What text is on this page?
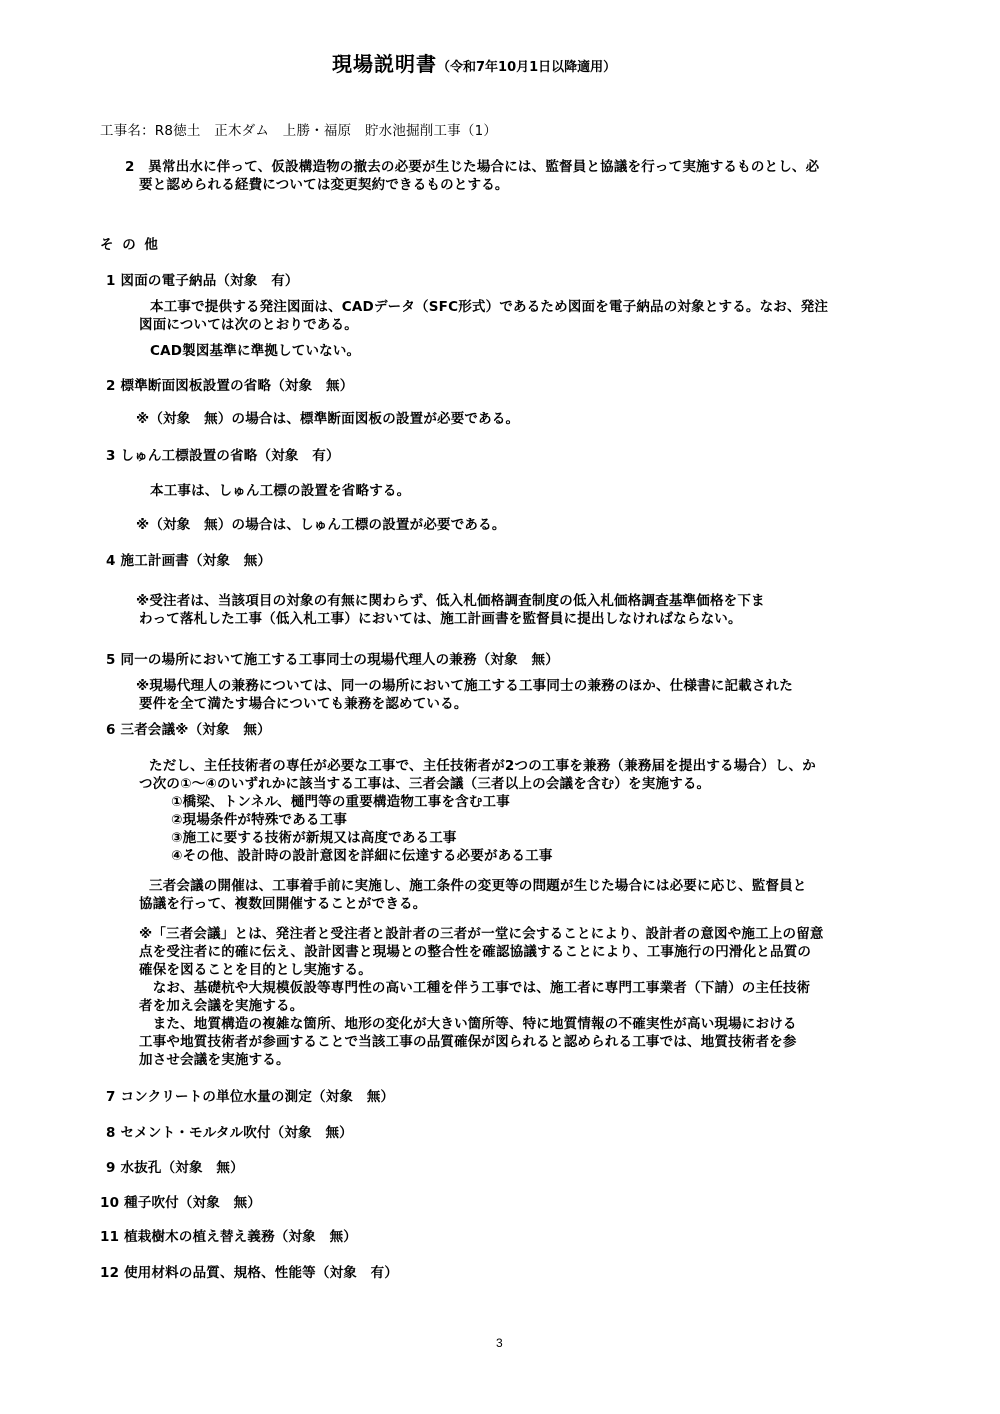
現場説明書（令和7年10月1日以降適用）
工事名：R8徳土　正木ダム　上勝・福原　貯水池掘削工事（1）
2　異常出水に伴って、仮設構造物の撤去の必要が生じた場合には、監督員と協議を行って実施するものとし、必
要と認められる経費については変更契約できるものとする。
そ の 他
1 図面の電子納品（対象　有）
本工事で提供する発注図面は、CADデータ（SFC形式）であるため図面を電子納品の対象とする。なお、発注
図面については次のとおりである。
CAD製図基準に準拠していない。
2 標準断面図板設置の省略（対象　無）
※（対象　無）の場合は、標準断面図板の設置が必要である。
3 しゅん工標設置の省略（対象　有）
本工事は、しゅん工標の設置を省略する。
※（対象　無）の場合は、しゅん工標の設置が必要である。
4 施工計画書（対象　無）
※受注者は、当該項目の対象の有無に関わらず、低入札価格調査制度の低入札価格調査基準価格を下ま
わって落札した工事（低入札工事）においては、施工計画書を監督員に提出しなければならない。
5 同一の場所において施工する工事同士の現場代理人の兼務（対象　無）
※現場代理人の兼務については、同一の場所において施工する工事同士の兼務のほか、仕様書に記載された
要件を全て満たす場合についても兼務を認めている。
6 三者会議※（対象　無）
ただし、主任技術者の専任が必要な工事で、主任技術者が2つの工事を兼務（兼務届を提出する場合）し、か
つ次の①～④のいずれかに該当する工事は、三者会議（三者以上の会議を含む）を実施する。
①橋梁、トンネル、樋門等の重要構造物工事を含む工事
②現場条件が特殊である工事
③施工に要する技術が新規又は高度である工事
④その他、設計時の設計意図を詳細に伝達する必要がある工事
三者会議の開催は、工事着手前に実施し、施工条件の変更等の問題が生じた場合には必要に応じ、監督員と
協議を行って、複数回開催することができる。
※「三者会議」とは、発注者と受注者と設計者の三者が一堂に会することにより、設計者の意図や施工上の留意
点を受注者に的確に伝え、設計図書と現場との整合性を確認協議することにより、工事施行の円滑化と品質の
確保を図ることを目的とし実施する。
　なお、基礎杭や大規模仮設等専門性の高い工種を伴う工事では、施工者に専門工事業者（下請）の主任技術
者を加え会議を実施する。
　また、地質構造の複雑な箇所、地形の変化が大きい箇所等、特に地質情報の不確実性が高い現場における
工事や地質技術者が参画することで当該工事の品質確保が図られると認められる工事では、地質技術者を参
加させ会議を実施する。
7 コンクリートの単位水量の測定（対象　無）
8 セメント・モルタル吹付（対象　無）
9 水抜孔（対象　無）
10 種子吹付（対象　無）
11 植栽樹木の植え替え義務（対象　無）
12 使用材料の品質、規格、性能等（対象　有）
3
